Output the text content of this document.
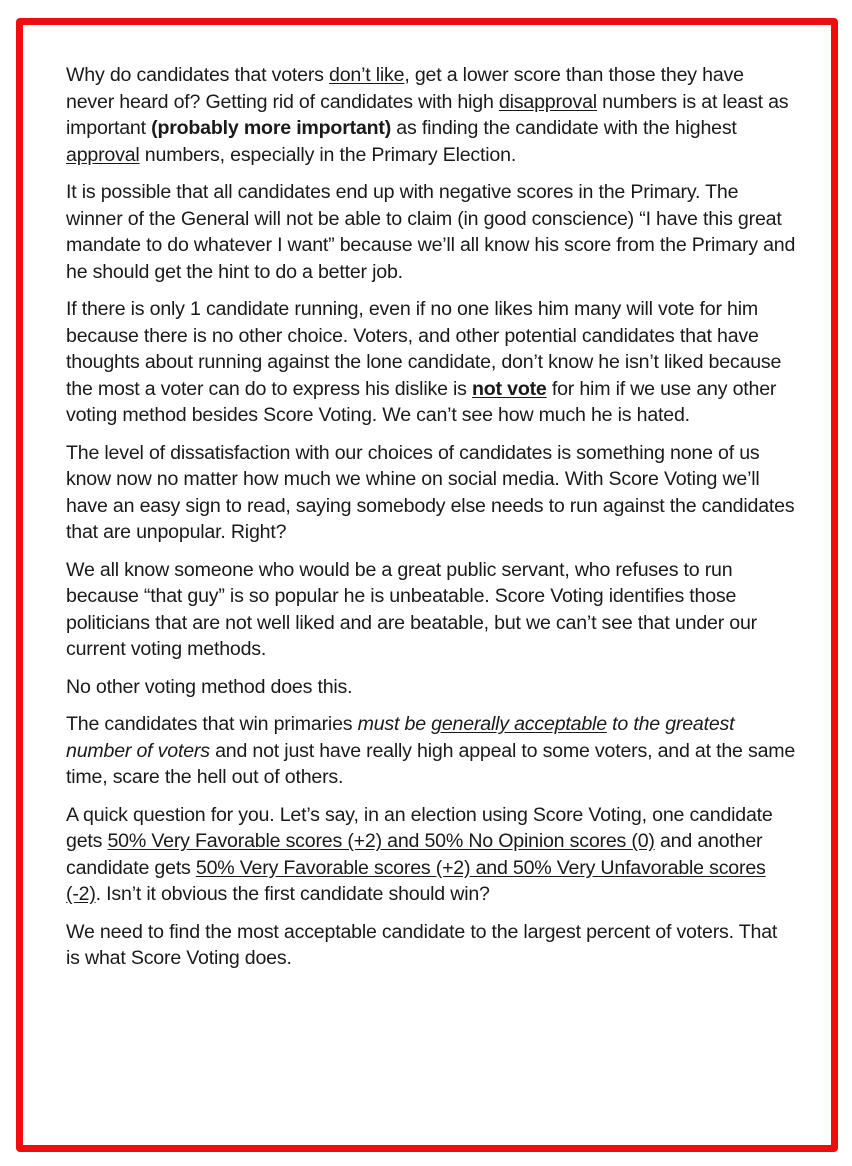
Why do candidates that voters don’t like, get a lower score than those they have never heard of? Getting rid of candidates with high disapproval numbers is at least as important (probably more important) as finding the candidate with the highest approval numbers, especially in the Primary Election.

It is possible that all candidates end up with negative scores in the Primary. The winner of the General will not be able to claim (in good conscience) “I have this great mandate to do whatever I want” because we’ll all know his score from the Primary and he should get the hint to do a better job.

If there is only 1 candidate running, even if no one likes him many will vote for him because there is no other choice. Voters, and other potential candidates that have thoughts about running against the lone candidate, don’t know he isn’t liked because the most a voter can do to express his dislike is not vote for him if we use any other voting method besides Score Voting. We can’t see how much he is hated.

The level of dissatisfaction with our choices of candidates is something none of us know now no matter how much we whine on social media. With Score Voting we’ll have an easy sign to read, saying somebody else needs to run against the candidates that are unpopular. Right?

We all know someone who would be a great public servant, who refuses to run because “that guy” is so popular he is unbeatable. Score Voting identifies those politicians that are not well liked and are beatable, but we can’t see that under our current voting methods.

No other voting method does this.

The candidates that win primaries must be generally acceptable to the greatest number of voters and not just have really high appeal to some voters, and at the same time, scare the hell out of others.

A quick question for you. Let’s say, in an election using Score Voting, one candidate gets 50% Very Favorable scores (+2) and 50% No Opinion scores (0) and another candidate gets 50% Very Favorable scores (+2) and 50% Very Unfavorable scores (-2). Isn’t it obvious the first candidate should win?

We need to find the most acceptable candidate to the largest percent of voters. That is what Score Voting does.
